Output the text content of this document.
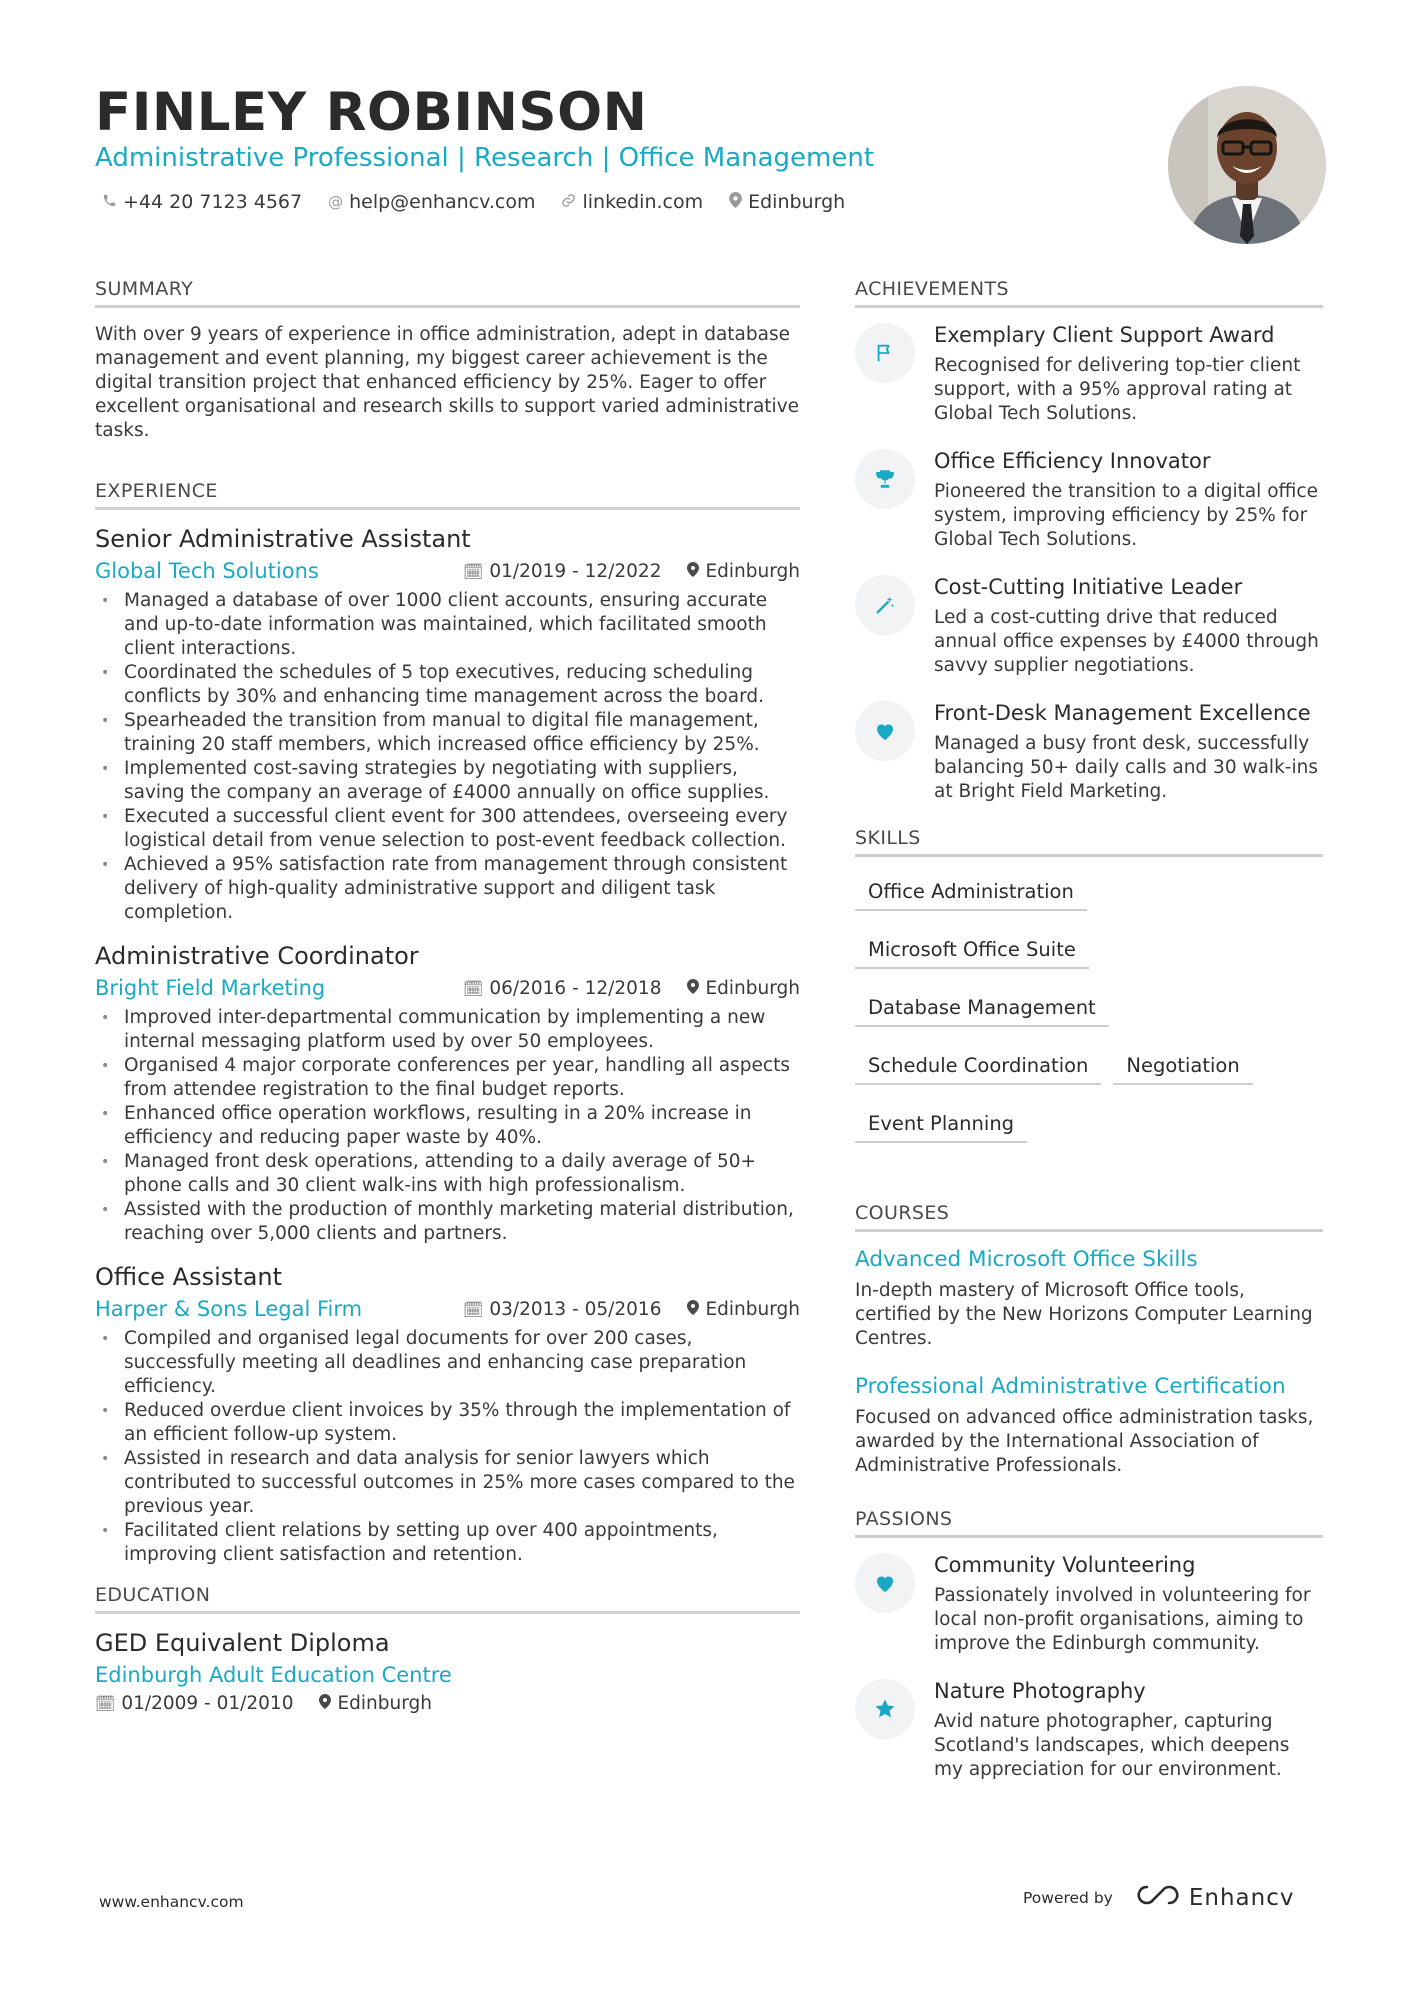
FINLEY ROBINSON
Administrative Professional | Research | Office Management
+44 20 7123 4567 @ help@enhancv.com linkedin.com Edinburgh
SUMMARY
With over 9 years of experience in office administration, adept in database management and event planning, my biggest career achievement is the digital transition project that enhanced efficiency by 25%. Eager to offer excellent organisational and research skills to support varied administrative tasks.
EXPERIENCE
Senior Administrative Assistant
Global Tech Solutions	🗓 01/2019 - 12/2022	Edinburgh
• Managed a database of over 1000 client accounts, ensuring accurate and up-to-date information was maintained, which facilitated smooth client interactions.
• Coordinated the schedules of 5 top executives, reducing scheduling conflicts by 30% and enhancing time management across the board.
• Spearheaded the transition from manual to digital file management, training 20 staff members, which increased office efficiency by 25%.
• Implemented cost-saving strategies by negotiating with suppliers, saving the company an average of £4000 annually on office supplies.
• Executed a successful client event for 300 attendees, overseeing every logistical detail from venue selection to post-event feedback collection.
• Achieved a 95% satisfaction rate from management through consistent delivery of high-quality administrative support and diligent task completion.
Administrative Coordinator
Bright Field Marketing	🗓 06/2016 - 12/2018	Edinburgh
• Improved inter-departmental communication by implementing a new internal messaging platform used by over 50 employees.
• Organised 4 major corporate conferences per year, handling all aspects from attendee registration to the final budget reports.
• Enhanced office operation workflows, resulting in a 20% increase in efficiency and reducing paper waste by 40%.
• Managed front desk operations, attending to a daily average of 50+ phone calls and 30 client walk-ins with high professionalism.
• Assisted with the production of monthly marketing material distribution, reaching over 5,000 clients and partners.
Office Assistant
Harper & Sons Legal Firm	🗓 03/2013 - 05/2016	Edinburgh
• Compiled and organised legal documents for over 200 cases, successfully meeting all deadlines and enhancing case preparation efficiency.
• Reduced overdue client invoices by 35% through the implementation of an efficient follow-up system.
• Assisted in research and data analysis for senior lawyers which contributed to successful outcomes in 25% more cases compared to the previous year.
• Facilitated client relations by setting up over 400 appointments, improving client satisfaction and retention.
EDUCATION
GED Equivalent Diploma
Edinburgh Adult Education Centre
🗓 01/2009 - 01/2010	Edinburgh
ACHIEVEMENTS
Exemplary Client Support Award
Recognised for delivering top-tier client support, with a 95% approval rating at Global Tech Solutions.
Office Efficiency Innovator
Pioneered the transition to a digital office system, improving efficiency by 25% for Global Tech Solutions.
Cost-Cutting Initiative Leader
Led a cost-cutting drive that reduced annual office expenses by £4000 through savvy supplier negotiations.
Front-Desk Management Excellence
Managed a busy front desk, successfully balancing 50+ daily calls and 30 walk-ins at Bright Field Marketing.
SKILLS
Office Administration
Microsoft Office Suite
Database Management
Schedule Coordination	Negotiation
Event Planning
COURSES
Advanced Microsoft Office Skills
In-depth mastery of Microsoft Office tools, certified by the New Horizons Computer Learning Centres.
Professional Administrative Certification
Focused on advanced office administration tasks, awarded by the International Association of Administrative Professionals.
PASSIONS
Community Volunteering
Passionately involved in volunteering for local non-profit organisations, aiming to improve the Edinburgh community.
Nature Photography
Avid nature photographer, capturing Scotland's landscapes, which deepens my appreciation for our environment.
www.enhancv.com	Powered by	Enhancv
